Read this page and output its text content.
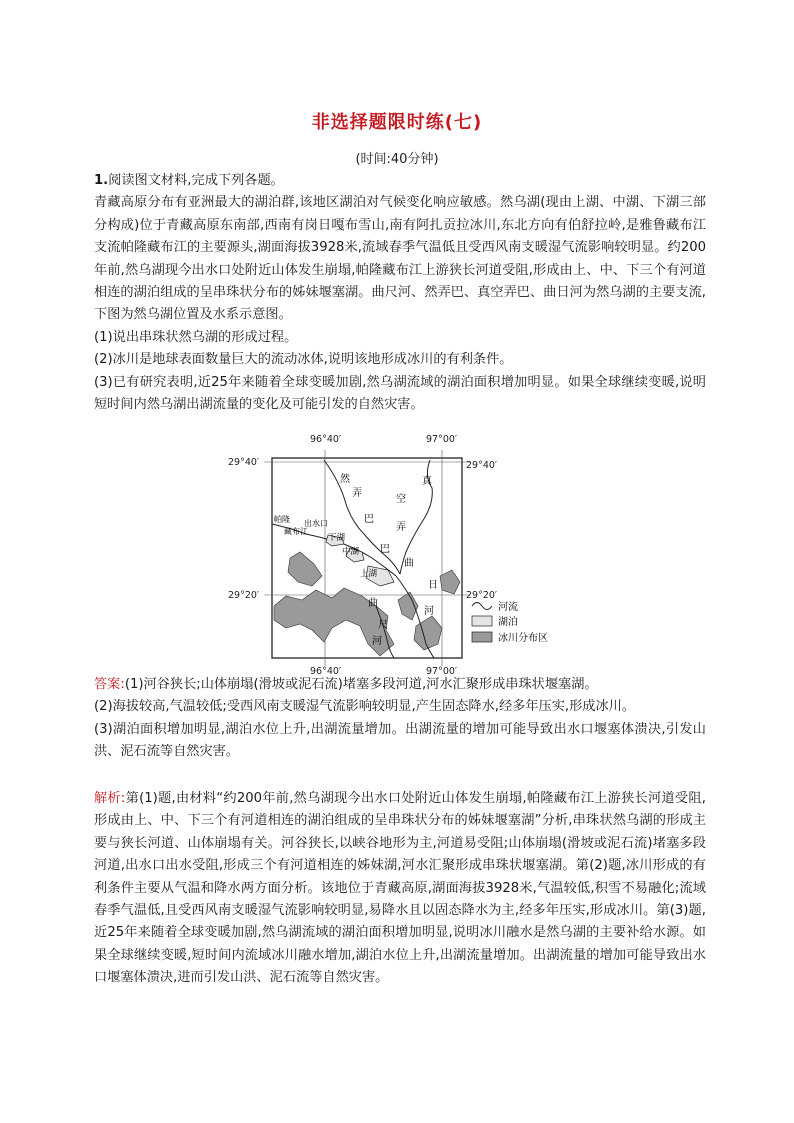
非选择题限时练(七)
(时间:40分钟)
1.阅读图文材料,完成下列各题。
青藏高原分布有亚洲最大的湖泊群,该地区湖泊对气候变化响应敏感。然乌湖(现由上湖、中湖、下湖三部分构成)位于青藏高原东南部,西南有岗日嘎布雪山,南有阿扎贡拉冰川,东北方向有伯舒拉岭,是雅鲁藏布江支流帕隆藏布江的主要源头,湖面海拔3928米,流域春季气温低且受西风南支暖湿气流影响较明显。约200年前,然乌湖现今出水口处附近山体发生崩塌,帕隆藏布江上游狭长河道受阻,形成由上、中、下三个有河道相连的湖泊组成的呈串珠状分布的姊妹堰塞湖。曲尺河、然弄巴、真空弄巴、曲日河为然乌湖的主要支流,下图为然乌湖位置及水系示意图。
(1)说出串珠状然乌湖的形成过程。
(2)冰川是地球表面数量巨大的流动冰体,说明该地形成冰川的有利条件。
(3)已有研究表明,近25年来随着全球变暖加剧,然乌湖流域的湖泊面积增加明显。如果全球继续变暖,说明短时间内然乌湖出湖流量的变化及可能引发的自然灾害。
96°40′	97°00′
96°40′	97°00′
29°40′	29°40′
29°20′	29°20′
然
弄
巴
真
空
弄
巴
帕隆
藏布江
出水口
下湖
中湖
上湖
曲
日
河
曲
尺
河
河流
湖泊
冰川分布区
答案:(1)河谷狭长;山体崩塌(滑坡或泥石流)堵塞多段河道,河水汇聚形成串珠状堰塞湖。
(2)海拔较高,气温较低;受西风南支暖湿气流影响较明显,产生固态降水,经多年压实,形成冰川。
(3)湖泊面积增加明显,湖泊水位上升,出湖流量增加。出湖流量的增加可能导致出水口堰塞体溃决,引发山洪、泥石流等自然灾害。
解析:第(1)题,由材料“约200年前,然乌湖现今出水口处附近山体发生崩塌,帕隆藏布江上游狭长河道受阻,形成由上、中、下三个有河道相连的湖泊组成的呈串珠状分布的姊妹堰塞湖”分析,串珠状然乌湖的形成主要与狭长河道、山体崩塌有关。河谷狭长,以峡谷地形为主,河道易受阻;山体崩塌(滑坡或泥石流)堵塞多段河道,出水口出水受阻,形成三个有河道相连的姊妹湖,河水汇聚形成串珠状堰塞湖。第(2)题,冰川形成的有利条件主要从气温和降水两方面分析。该地位于青藏高原,湖面海拔3928米,气温较低,积雪不易融化;流域春季气温低,且受西风南支暖湿气流影响较明显,易降水且以固态降水为主,经多年压实,形成冰川。第(3)题,近25年来随着全球变暖加剧,然乌湖流域的湖泊面积增加明显,说明冰川融水是然乌湖的主要补给水源。如果全球继续变暖,短时间内流域冰川融水增加,湖泊水位上升,出湖流量增加。出湖流量的增加可能导致出水口堰塞体溃决,进而引发山洪、泥石流等自然灾害。
